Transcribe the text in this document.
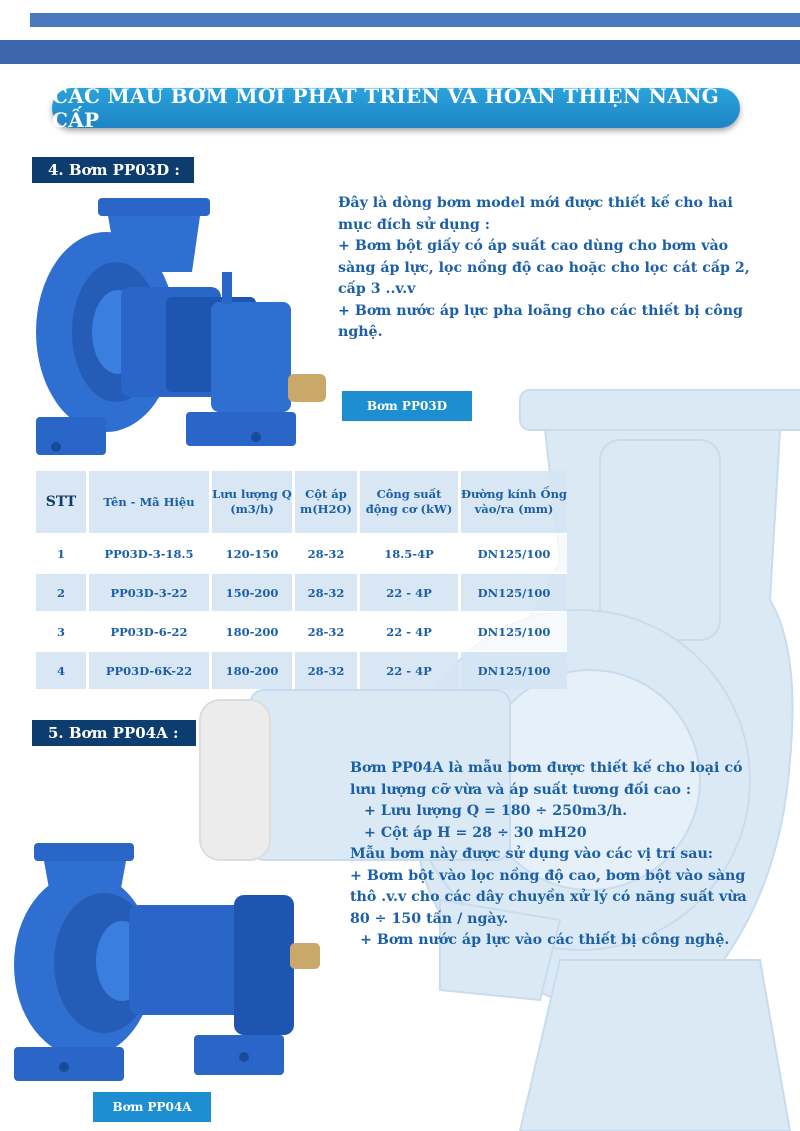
CÁC MẪU BƠM MỚI PHÁT TRIỂN VÀ HOÀN THIỆN NÂNG CẤP
4. Bơm PP03D :

Đây là dòng bơm model mới được thiết kế cho hai

mục đích sử dụng :

+ Bơm bột giấy có áp suất cao dùng cho bơm vào

sàng áp lực, lọc nồng độ cao hoặc cho lọc cát cấp 2,

cấp 3 ..v.v

+ Bơm nước áp lực pha loãng cho các thiết bị công

nghệ.

Bơm PP03D
STT	Tên - Mã Hiệu	Lưu lượng Q (m3/h)	Cột áp m(H2O)	Công suất động cơ (kW)	Đường kính Ống vào/ra (mm)
1	PP03D-3-18.5	120-150	28-32	18.5-4P	DN125/100
2	PP03D-3-22	150-200	28-32	22 - 4P	DN125/100
3	PP03D-6-22	180-200	28-32	22 - 4P	DN125/100
4	PP03D-6K-22	180-200	28-32	22 - 4P	DN125/100
5. Bơm PP04A :

Bơm PP04A là mẫu bơm được thiết kế cho loại có

lưu lượng cỡ vừa và áp suất tương đối cao :

+ Lưu lượng Q = 180 ÷ 250m3/h.

+ Cột áp H = 28 ÷ 30 mH20

Mẫu bơm này được sử dụng vào các vị trí sau:

+ Bơm bột vào lọc nồng độ cao, bơm bột vào sàng

thô .v.v cho các dây chuyền xử lý có năng suất vừa

80 ÷ 150 tấn / ngày.

+ Bơm nước áp lực vào các thiết bị công nghệ.

Bơm PP04A
